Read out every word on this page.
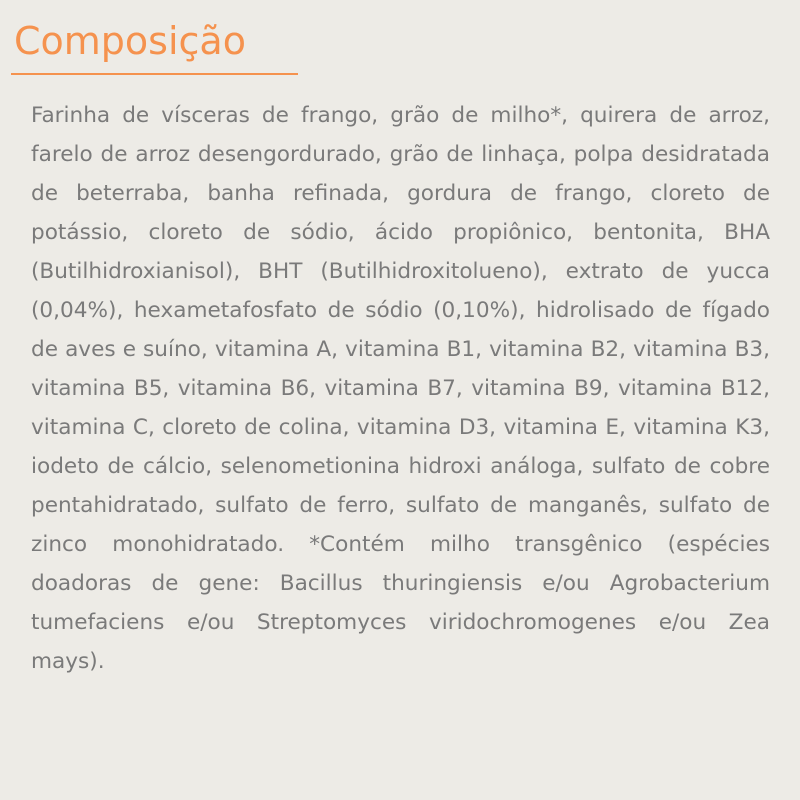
Composição

Farinha de vísceras de frango, grão de milho*, quirera de arroz, farelo de arroz desengordurado, grão de linhaça, polpa desidratada de beterraba, banha refinada, gordura de frango, cloreto de potássio, cloreto de sódio, ácido propiônico, bentonita, BHA (Butilhidroxianisol), BHT (Butilhidroxitolueno), extrato de yucca (0,04%), hexametafosfato de sódio (0,10%), hidrolisado de fígado de aves e suíno, vitamina A, vitamina B1, vitamina B2, vitamina B3, vitamina B5, vitamina B6, vitamina B7, vitamina B9, vitamina B12, vitamina C, cloreto de colina, vitamina D3, vitamina E, vitamina K3, iodeto de cálcio, selenometionina hidroxi análoga, sulfato de cobre pentahidratado, sulfato de ferro, sulfato de manganês, sulfato de zinco monohidratado. *Contém milho transgênico (espécies doadoras de gene: Bacillus thuringiensis e/ou Agrobacterium tumefaciens e/ou Streptomyces viridochromogenes e/ou Zea mays).
